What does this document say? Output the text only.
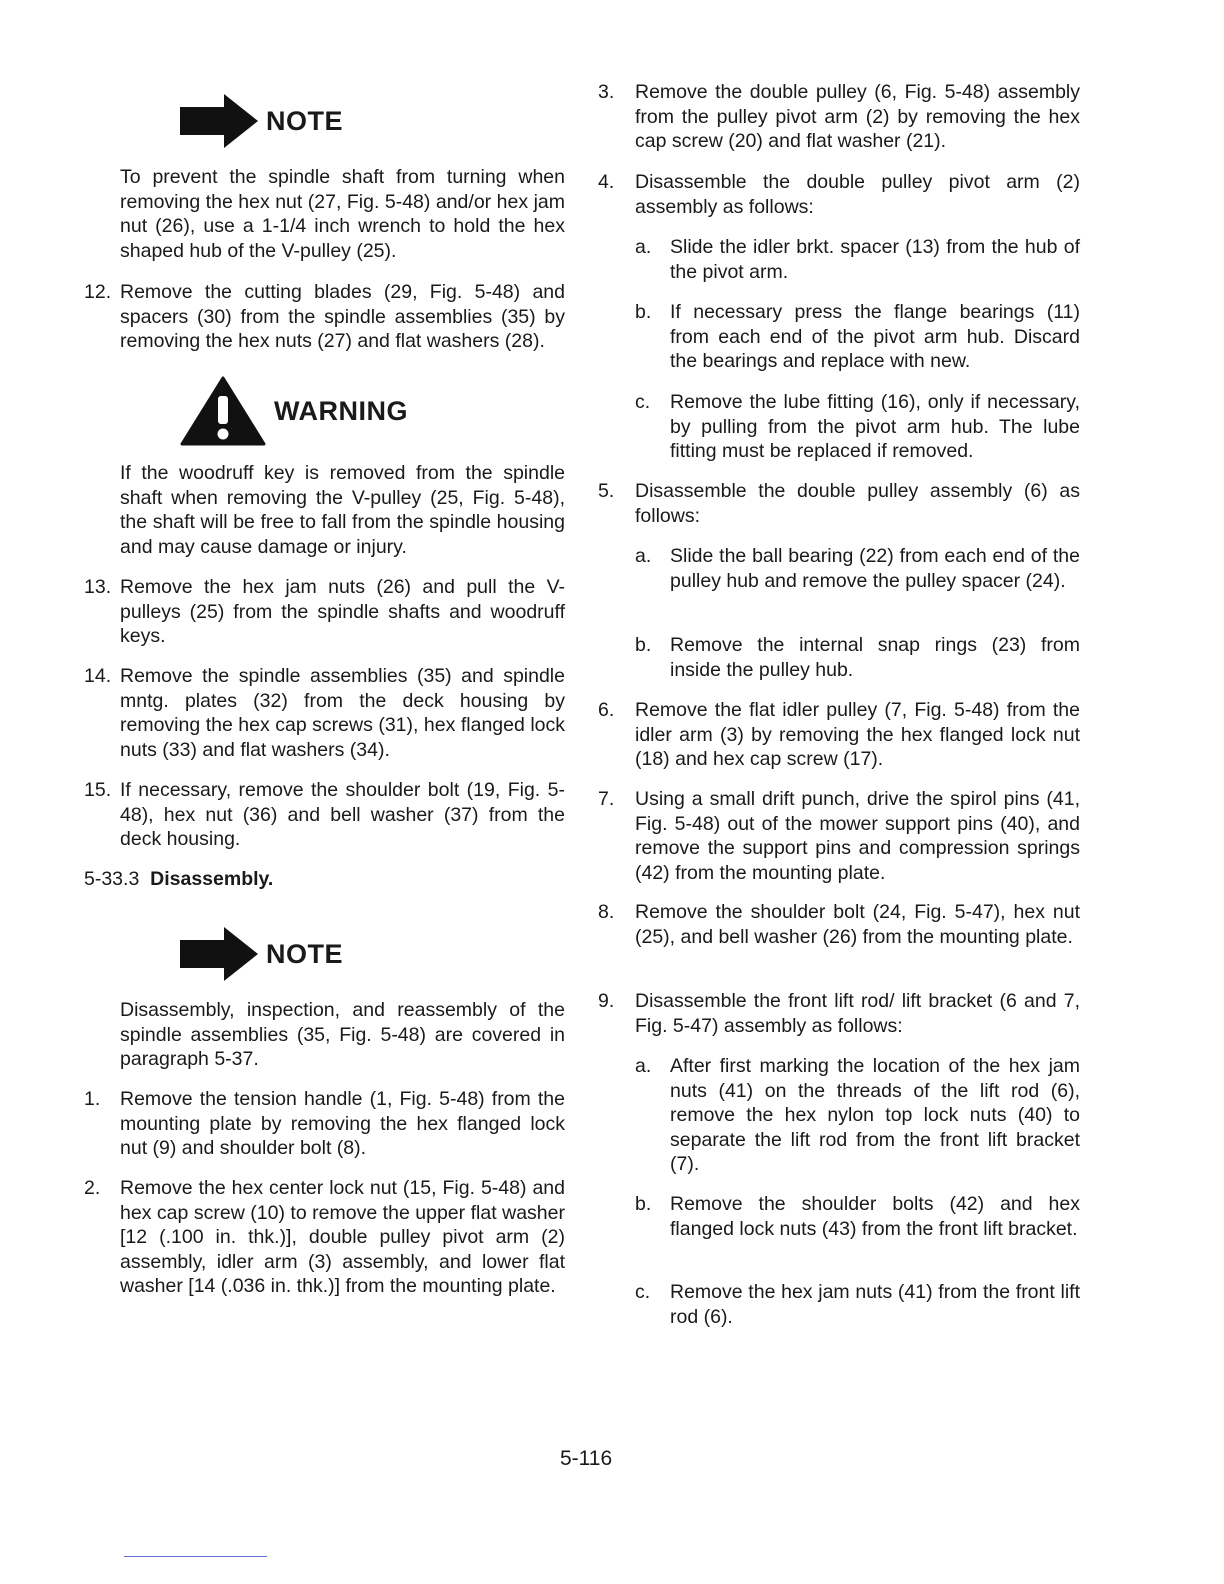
NOTE
To prevent the spindle shaft from turning when removing the hex nut (27, Fig. 5-48) and/or hex jam nut (26), use a 1-1/4 inch wrench to hold the hex shaped hub of the V-pulley (25).
12. Remove the cutting blades (29, Fig. 5-48) and spacers (30) from the spindle assemblies (35) by removing the hex nuts (27) and flat washers (28).
WARNING
If the woodruff key is removed from the spindle shaft when removing the V-pulley (25, Fig. 5-48), the shaft will be free to fall from the spindle housing and may cause damage or injury.
13. Remove the hex jam nuts (26) and pull the V-pulleys (25) from the spindle shafts and woodruff keys.
14. Remove the spindle assemblies (35) and spindle mntg. plates (32) from the deck housing by removing the hex cap screws (31), hex flanged lock nuts (33) and flat washers (34).
15. If necessary, remove the shoulder bolt (19, Fig. 5-48), hex nut (36) and bell washer (37) from the deck housing.
5-33.3 Disassembly.
NOTE
Disassembly, inspection, and reassembly of the spindle assemblies (35, Fig. 5-48) are covered in paragraph 5-37.
1. Remove the tension handle (1, Fig. 5-48) from the mounting plate by removing the hex flanged lock nut (9) and shoulder bolt (8).
2. Remove the hex center lock nut (15, Fig. 5-48) and hex cap screw (10) to remove the upper flat washer [12 (.100 in. thk.)], double pulley pivot arm (2) assembly, idler arm (3) assembly, and lower flat washer [14 (.036 in. thk.)] from the mounting plate.
3. Remove the double pulley (6, Fig. 5-48) assembly from the pulley pivot arm (2) by removing the hex cap screw (20) and flat washer (21).
4. Disassemble the double pulley pivot arm (2) assembly as follows:
a. Slide the idler brkt. spacer (13) from the hub of the pivot arm.
b. If necessary press the flange bearings (11) from each end of the pivot arm hub. Discard the bearings and replace with new.
c. Remove the lube fitting (16), only if necessary, by pulling from the pivot arm hub. The lube fitting must be replaced if removed.
5. Disassemble the double pulley assembly (6) as follows:
a. Slide the ball bearing (22) from each end of the pulley hub and remove the pulley spacer (24).
b. Remove the internal snap rings (23) from inside the pulley hub.
6. Remove the flat idler pulley (7, Fig. 5-48) from the idler arm (3) by removing the hex flanged lock nut (18) and hex cap screw (17).
7. Using a small drift punch, drive the spirol pins (41, Fig. 5-48) out of the mower support pins (40), and remove the support pins and compression springs (42) from the mounting plate.
8. Remove the shoulder bolt (24, Fig. 5-47), hex nut (25), and bell washer (26) from the mounting plate.
9. Disassemble the front lift rod/ lift bracket (6 and 7, Fig. 5-47) assembly as follows:
a. After first marking the location of the hex jam nuts (41) on the threads of the lift rod (6), remove the hex nylon top lock nuts (40) to separate the lift rod from the front lift bracket (7).
b. Remove the shoulder bolts (42) and hex flanged lock nuts (43) from the front lift bracket.
c. Remove the hex jam nuts (41) from the front lift rod (6).
5-116
